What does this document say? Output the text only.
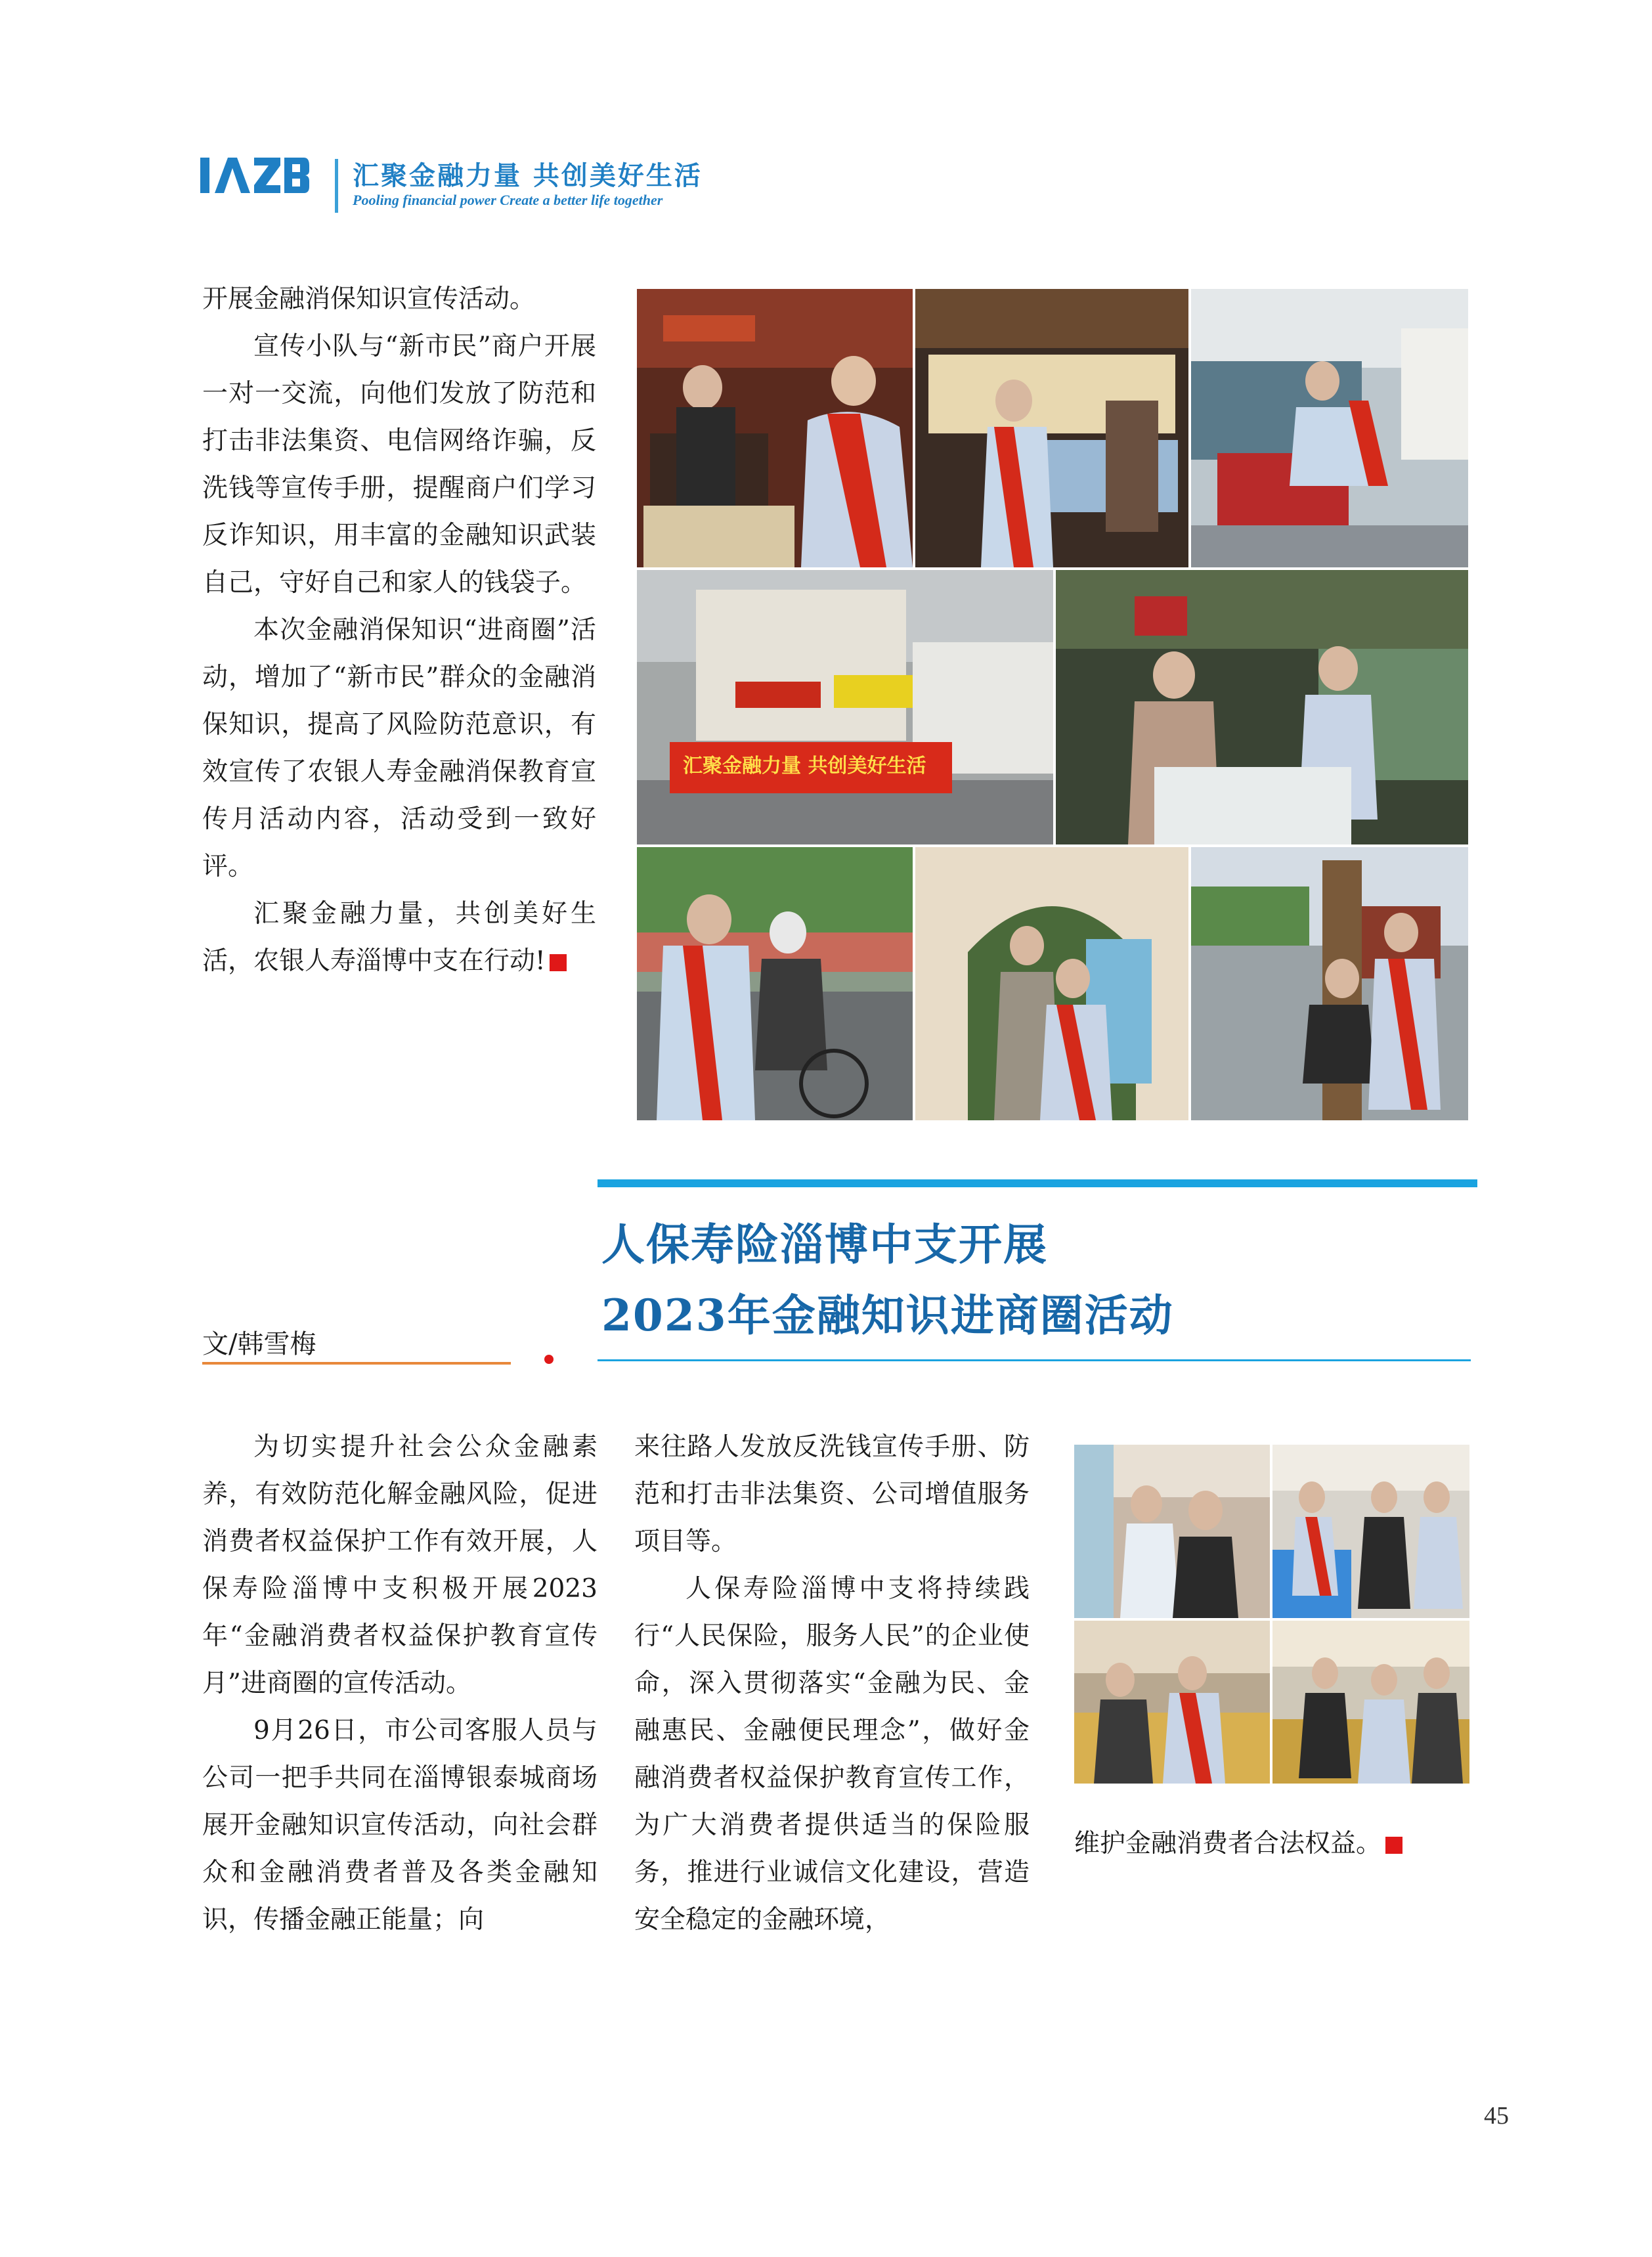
汇聚金融力量 共创美好生活
Pooling financial power Create a better life together

开展金融消保知识宣传活动。

宣传小队与“新市民”商户开展一对一交流，向他们发放了防范和打击非法集资、电信网络诈骗，反洗钱等宣传手册，提醒商户们学习反诈知识，用丰富的金融知识武装自己，守好自己和家人的钱袋子。

本次金融消保知识“进商圈”活动，增加了“新市民”群众的金融消保知识，提高了风险防范意识，有效宣传了农银人寿金融消保教育宣传月活动内容，活动受到一致好评。

汇聚金融力量，共创美好生活，农银人寿淄博中支在行动!

汇聚金融力量 共创美好生活
人保寿险淄博中支开展
2023年金融知识进商圈活动
文/韩雪梅

为切实提升社会公众金融素养，有效防范化解金融风险，促进消费者权益保护工作有效开展，人保寿险淄博中支积极开展2023年“金融消费者权益保护教育宣传月”进商圈的宣传活动。

9月26日，市公司客服人员与公司一把手共同在淄博银泰城商场展开金融知识宣传活动，向社会群众和金融消费者普及各类金融知识，传播金融正能量；向

来往路人发放反洗钱宣传手册、防范和打击非法集资、公司增值服务项目等。

人保寿险淄博中支将持续践行“人民保险，服务人民”的企业使命，深入贯彻落实“金融为民、金融惠民、金融便民理念”，做好金融消费者权益保护教育宣传工作，为广大消费者提供适当的保险服务，推进行业诚信文化建设，营造安全稳定的金融环境，

维护金融消费者合法权益。

45
